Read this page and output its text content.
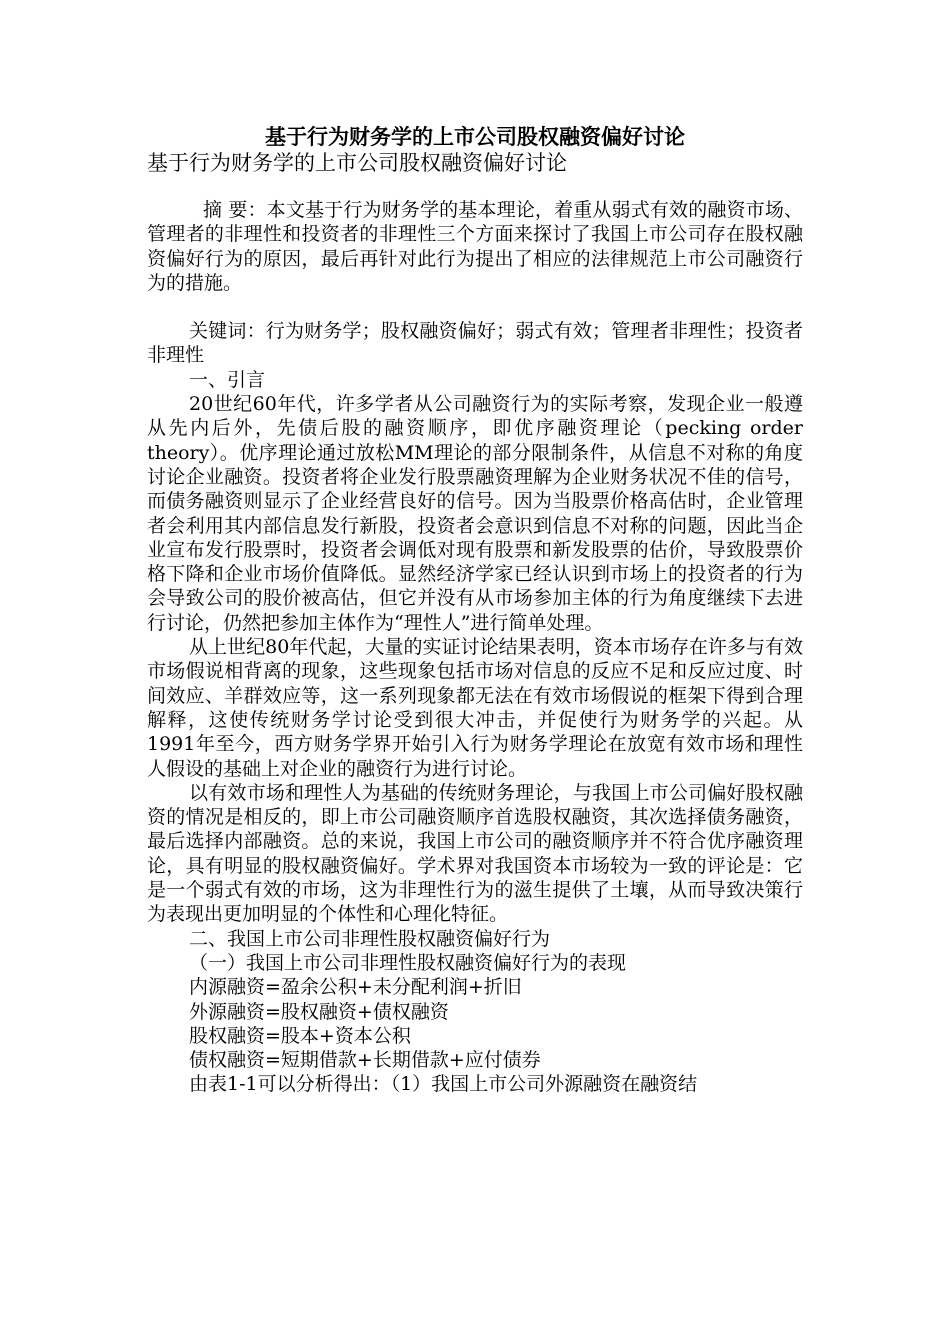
基于行为财务学的上市公司股权融资偏好讨论
基于行为财务学的上市公司股权融资偏好讨论

摘 要：本文基于行为财务学的基本理论，着重从弱式有效的融资市场、管理者的非理性和投资者的非理性三个方面来探讨了我国上市公司存在股权融资偏好行为的原因，最后再针对此行为提出了相应的法律规范上市公司融资行为的措施。

关键词：行为财务学；股权融资偏好；弱式有效；管理者非理性；投资者非理性

一、引言

20世纪60年代，许多学者从公司融资行为的实际考察，发现企业一般遵从先内后外，先债后股的融资顺序，即优序融资理论（pecking order theory）。优序理论通过放松MM理论的部分限制条件，从信息不对称的角度讨论企业融资。投资者将企业发行股票融资理解为企业财务状况不佳的信号，而债务融资则显示了企业经营良好的信号。因为当股票价格高估时，企业管理者会利用其内部信息发行新股，投资者会意识到信息不对称的问题，因此当企业宣布发行股票时，投资者会调低对现有股票和新发股票的估价，导致股票价格下降和企业市场价值降低。显然经济学家已经认识到市场上的投资者的行为会导致公司的股价被高估，但它并没有从市场参加主体的行为角度继续下去进行讨论，仍然把参加主体作为“理性人”进行简单处理。

从上世纪80年代起，大量的实证讨论结果表明，资本市场存在许多与有效市场假说相背离的现象，这些现象包括市场对信息的反应不足和反应过度、时间效应、羊群效应等，这一系列现象都无法在有效市场假说的框架下得到合理解释，这使传统财务学讨论受到很大冲击，并促使行为财务学的兴起。从1991年至今，西方财务学界开始引入行为财务学理论在放宽有效市场和理性人假设的基础上对企业的融资行为进行讨论。

以有效市场和理性人为基础的传统财务理论，与我国上市公司偏好股权融资的情况是相反的，即上市公司融资顺序首选股权融资，其次选择债务融资，最后选择内部融资。总的来说，我国上市公司的融资顺序并不符合优序融资理论，具有明显的股权融资偏好。学术界对我国资本市场较为一致的评论是：它是一个弱式有效的市场，这为非理性行为的滋生提供了土壤，从而导致决策行为表现出更加明显的个体性和心理化特征。

二、我国上市公司非理性股权融资偏好行为

（一）我国上市公司非理性股权融资偏好行为的表现

内源融资=盈余公积+未分配利润+折旧

外源融资=股权融资+债权融资

股权融资=股本+资本公积

债权融资=短期借款+长期借款+应付债券

由表1-1可以分析得出：（1）我国上市公司外源融资在融资结
